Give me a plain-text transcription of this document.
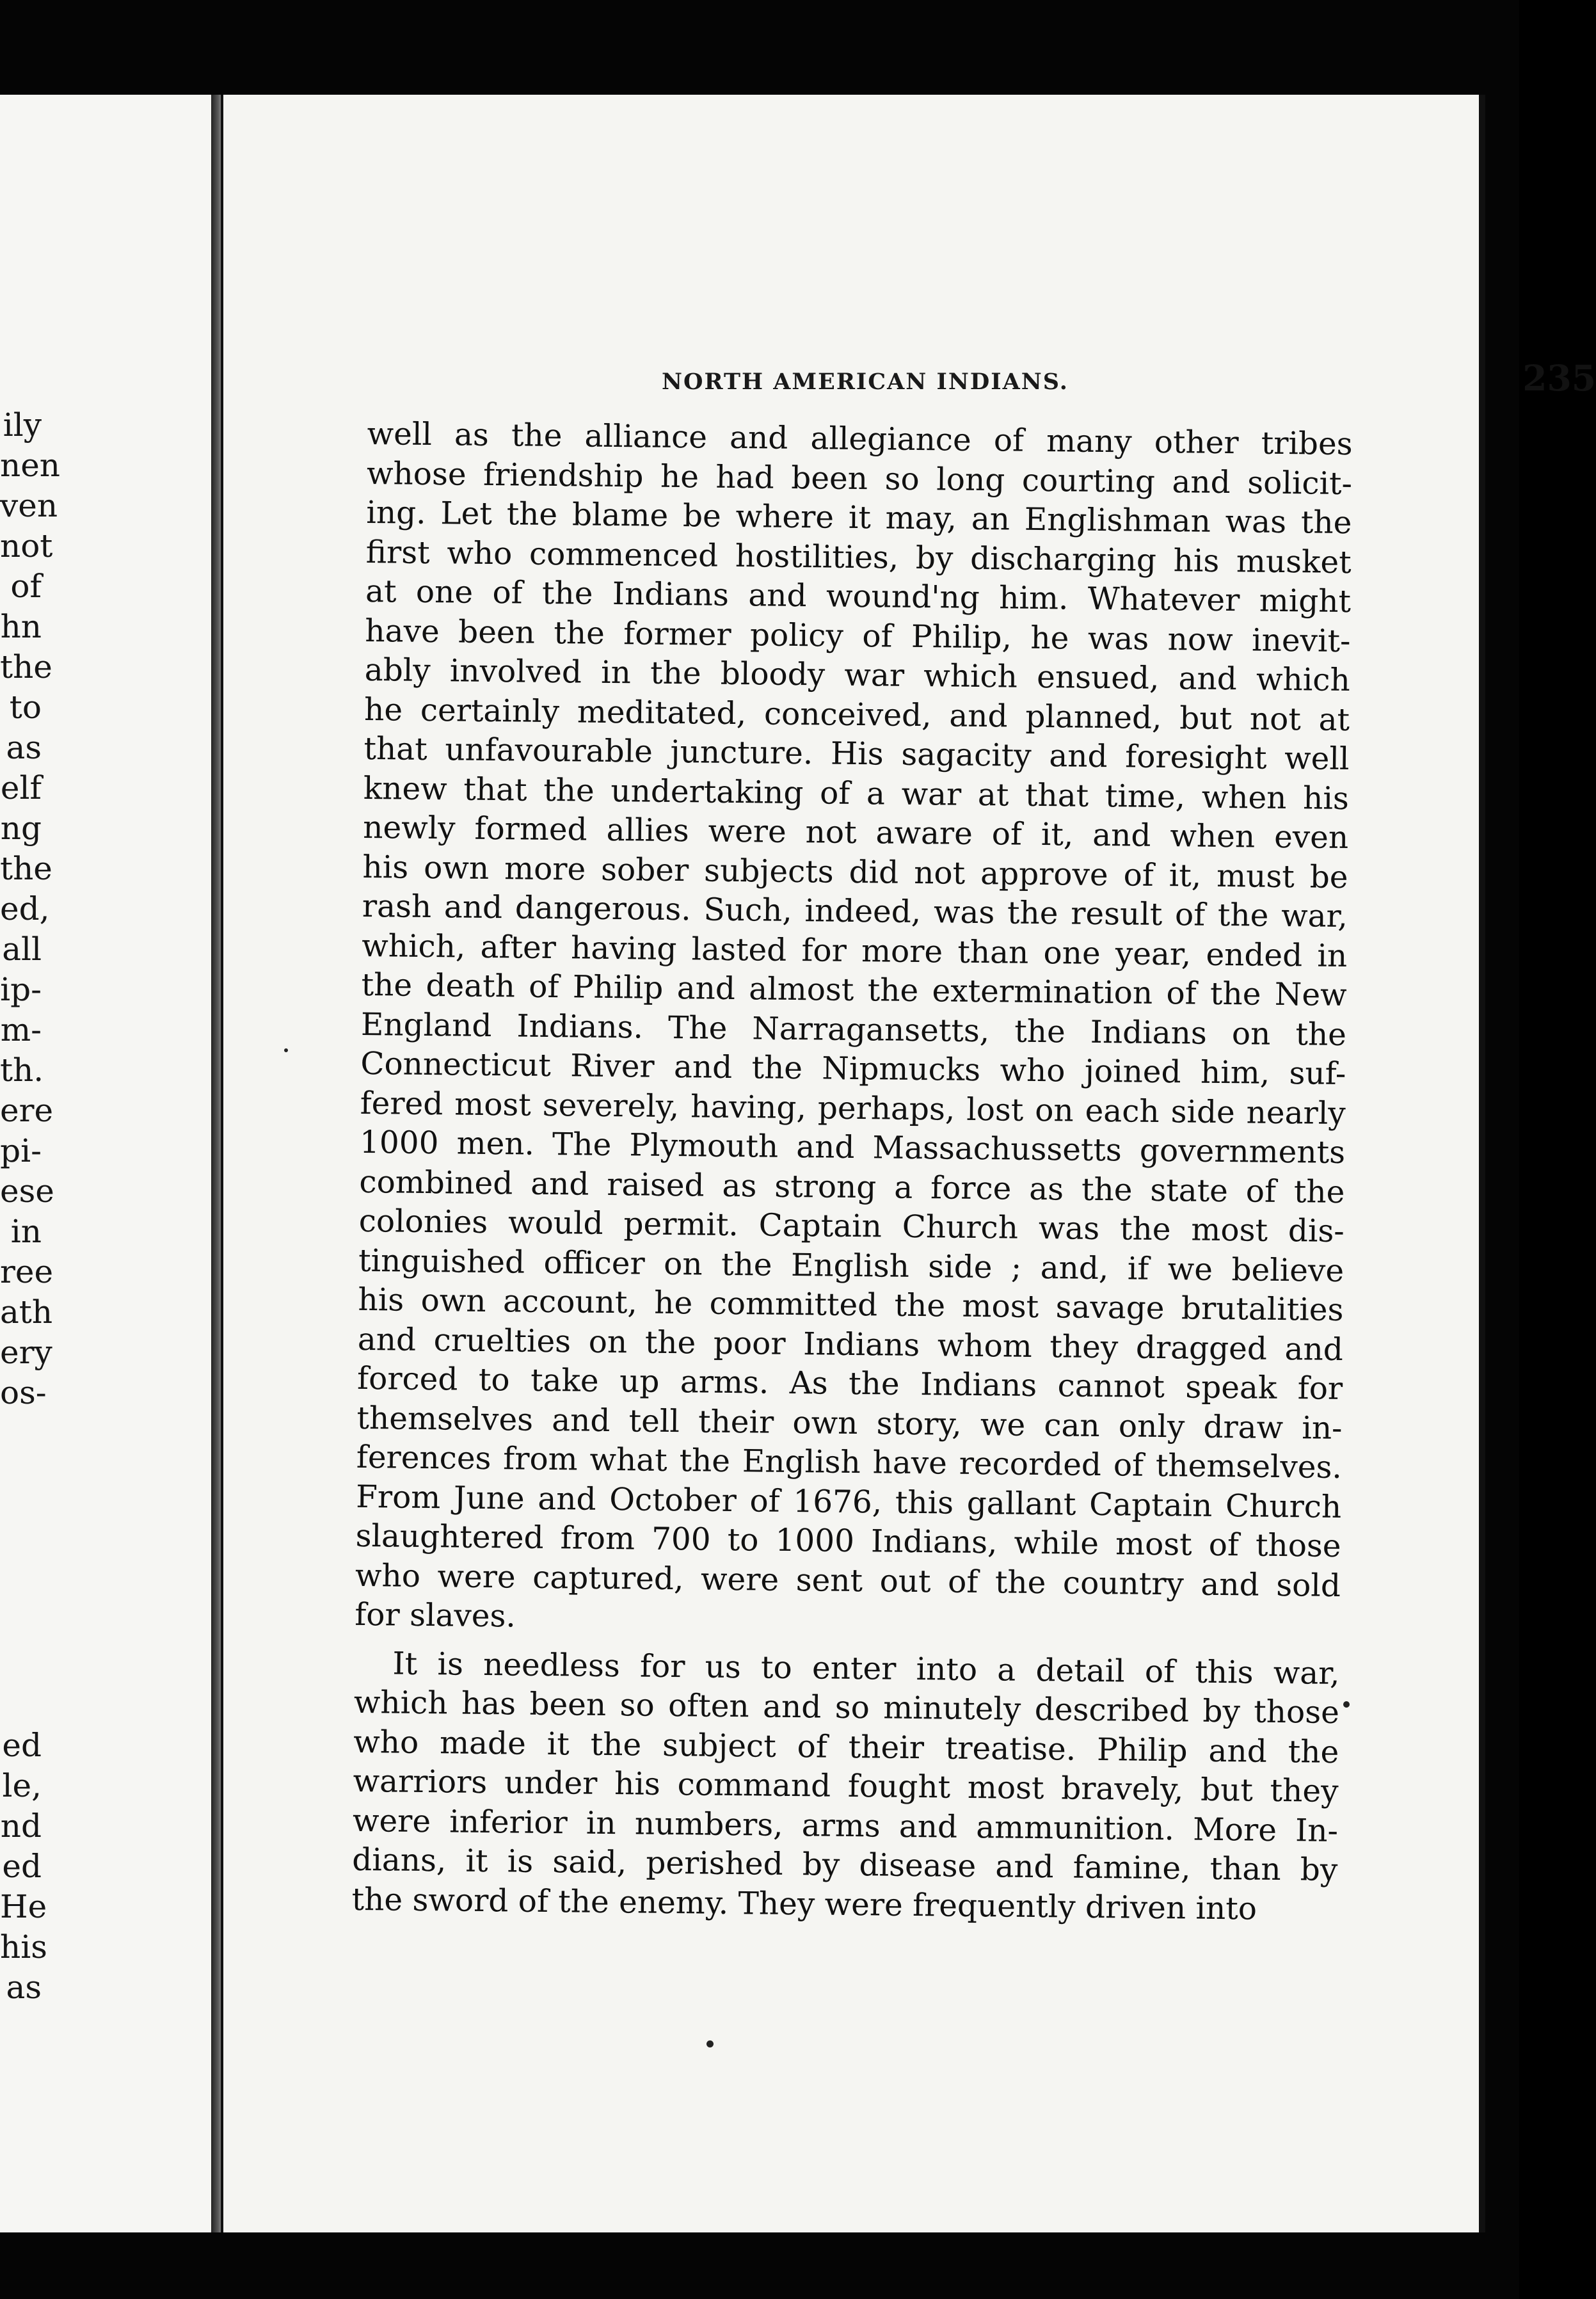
ily
nen
ven
not
of
hn
the
to
as
elf
ng
the
ed,
all
ip-
m-
th.
ere
pi-
ese
in
ree
ath
ery
os-
ed
le,
nd
ed
He
his
as
NORTH AMERICAN INDIANS.	235
well as the alliance and allegiance of many other tribes
whose friendship he had been so long courting and solicit-
ing. Let the blame be where it may, an Englishman was the
first who commenced hostilities, by discharging his musket
at one of the Indians and wound'ng him. Whatever might
have been the former policy of Philip, he was now inevit-
ably involved in the bloody war which ensued, and which
he certainly meditated, conceived, and planned, but not at
that unfavourable juncture. His sagacity and foresight well
knew that the undertaking of a war at that time, when his
newly formed allies were not aware of it, and when even
his own more sober subjects did not approve of it, must be
rash and dangerous. Such, indeed, was the result of the war,
which, after having lasted for more than one year, ended in
the death of Philip and almost the extermination of the New
England Indians. The Narragansetts, the Indians on the
Connecticut River and the Nipmucks who joined him, suf-
fered most severely, having, perhaps, lost on each side nearly
1000 men. The Plymouth and Massachussetts governments
combined and raised as strong a force as the state of the
colonies would permit. Captain Church was the most dis-
tinguished officer on the English side ; and, if we believe
his own account, he committed the most savage brutalities
and cruelties on the poor Indians whom they dragged and
forced to take up arms. As the Indians cannot speak for
themselves and tell their own story, we can only draw in-
ferences from what the English have recorded of themselves.
From June and October of 1676, this gallant Captain Church
slaughtered from 700 to 1000 Indians, while most of those
who were captured, were sent out of the country and sold
for slaves.
It is needless for us to enter into a detail of this war,
which has been so often and so minutely described by those
who made it the subject of their treatise. Philip and the
warriors under his command fought most bravely, but they
were inferior in numbers, arms and ammunition. More In-
dians, it is said, perished by disease and famine, than by
the sword of the enemy. They were frequently driven into
